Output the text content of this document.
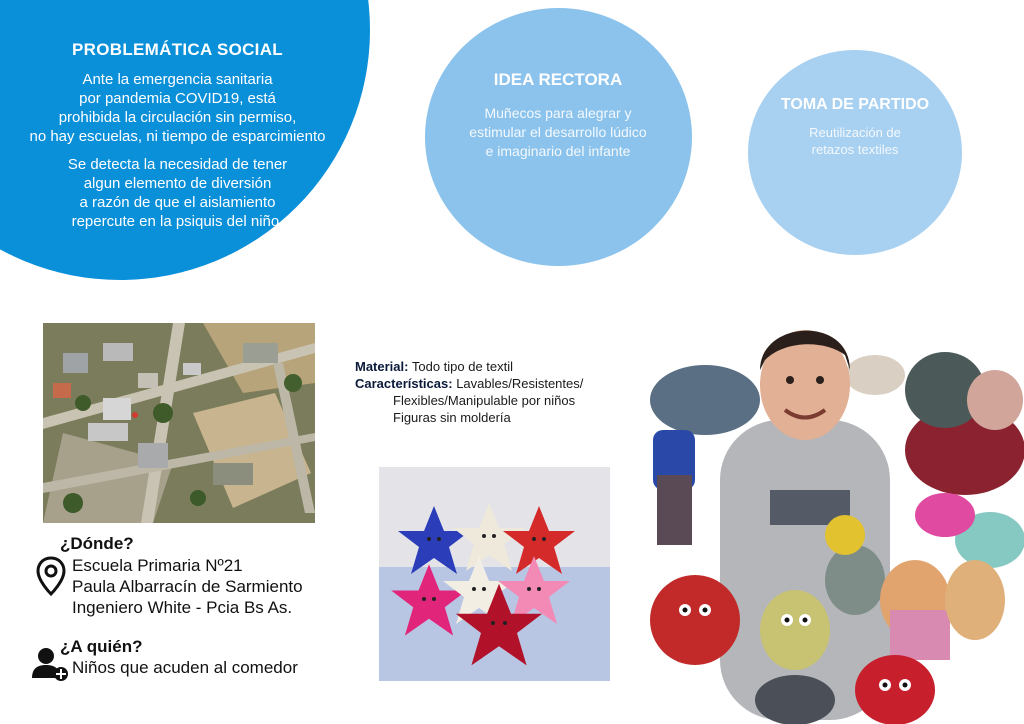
PROBLEMÁTICA SOCIAL
Ante la emergencia sanitaria
por pandemia COVID19, está
prohibida la circulación sin permiso,
no hay escuelas, ni tiempo de esparcimiento
Se detecta la necesidad de tener
algun elemento de diversión
a razón de que el aislamiento
repercute en la psiquis del niño.
IDEA RECTORA
Muñecos para alegrar y
estimular el desarrollo lúdico
e imaginario del infante
TOMA DE PARTIDO
Reutilización de
retazos textiles
Material: Todo tipo de textil
Características: Lavables/Resistentes/
Flexibles/Manipulable por niños
Figuras sin moldería
¿Dónde?
Escuela Primaria Nº21
Paula Albarracín de Sarmiento
Ingeniero White - Pcia Bs As.
¿A quién?
Niños que acuden al comedor
